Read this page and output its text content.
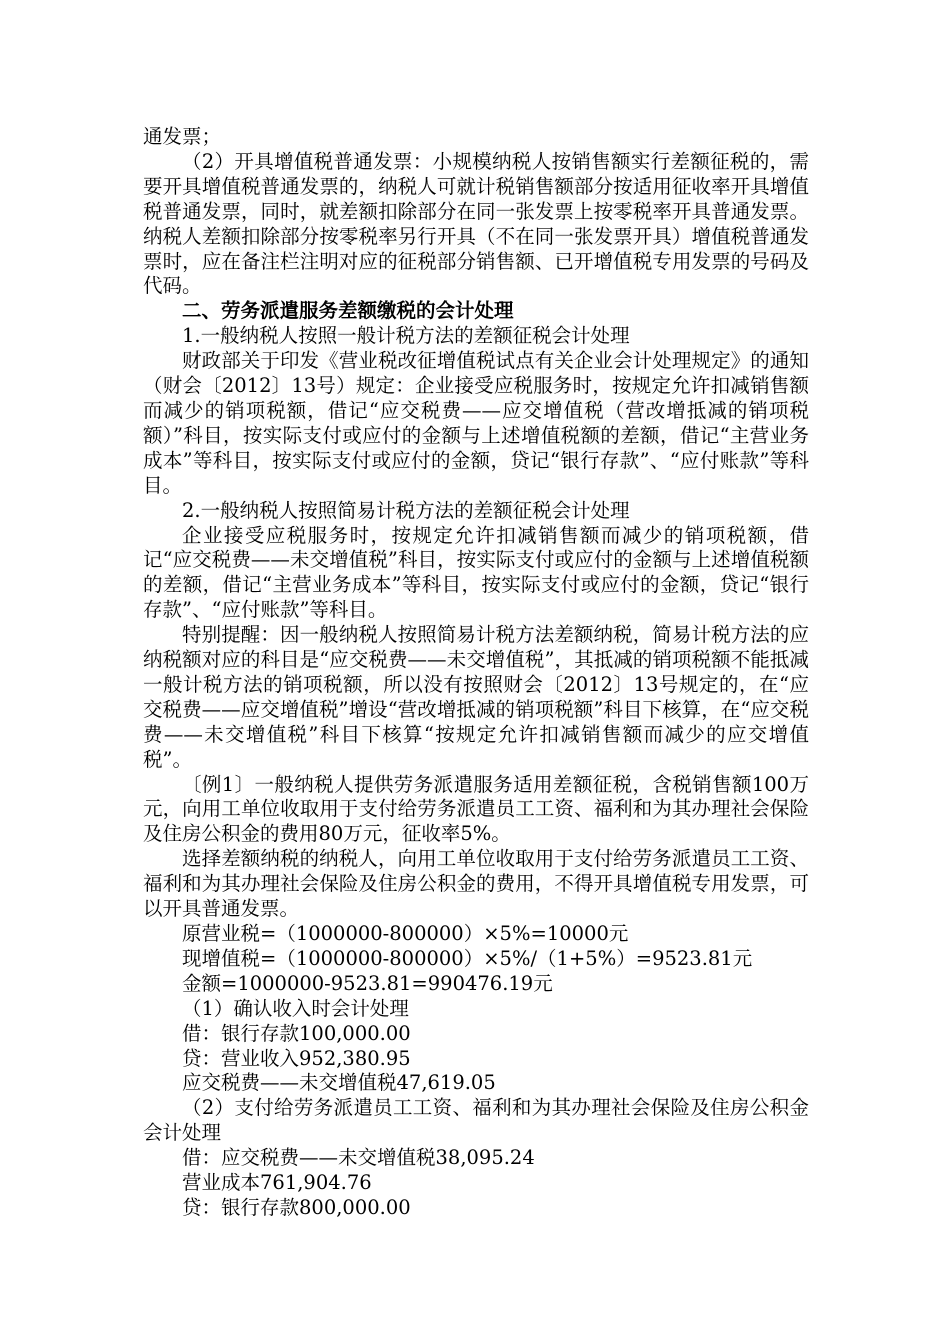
通发票；

（2）开具增值税普通发票：小规模纳税人按销售额实行差额征税的，需要开具增值税普通发票的，纳税人可就计税销售额部分按适用征收率开具增值税普通发票，同时，就差额扣除部分在同一张发票上按零税率开具普通发票。纳税人差额扣除部分按零税率另行开具（不在同一张发票开具）增值税普通发票时，应在备注栏注明对应的征税部分销售额、已开增值税专用发票的号码及代码。

二、劳务派遣服务差额缴税的会计处理

1.一般纳税人按照一般计税方法的差额征税会计处理

财政部关于印发《营业税改征增值税试点有关企业会计处理规定》的通知（财会〔2012〕13号）规定：企业接受应税服务时，按规定允许扣减销售额而减少的销项税额，借记“应交税费——应交增值税（营改增抵减的销项税额）”科目，按实际支付或应付的金额与上述增值税额的差额，借记“主营业务成本”等科目，按实际支付或应付的金额，贷记“银行存款”、“应付账款”等科目。

2.一般纳税人按照简易计税方法的差额征税会计处理

企业接受应税服务时，按规定允许扣减销售额而减少的销项税额，借记“应交税费——未交增值税”科目，按实际支付或应付的金额与上述增值税额的差额，借记“主营业务成本”等科目，按实际支付或应付的金额，贷记“银行存款”、“应付账款”等科目。

特别提醒：因一般纳税人按照简易计税方法差额纳税，简易计税方法的应纳税额对应的科目是“应交税费——未交增值税”，其抵减的销项税额不能抵减一般计税方法的销项税额，所以没有按照财会〔2012〕13号规定的，在“应交税费——应交增值税”增设“营改增抵减的销项税额”科目下核算，在“应交税费——未交增值税”科目下核算“按规定允许扣减销售额而减少的应交增值税”。

〔例1〕一般纳税人提供劳务派遣服务适用差额征税，含税销售额100万元，向用工单位收取用于支付给劳务派遣员工工资、福利和为其办理社会保险及住房公积金的费用80万元，征收率5%。

选择差额纳税的纳税人，向用工单位收取用于支付给劳务派遣员工工资、福利和为其办理社会保险及住房公积金的费用，不得开具增值税专用发票，可以开具普通发票。

原营业税=（1000000-800000）×5%=10000元

现增值税=（1000000-800000）×5%/（1+5%）=9523.81元

金额=1000000-9523.81=990476.19元

（1）确认收入时会计处理

借：银行存款100,000.00

贷：营业收入952,380.95

应交税费——未交增值税47,619.05

（2）支付给劳务派遣员工工资、福利和为其办理社会保险及住房公积金会计处理

借：应交税费——未交增值税38,095.24

营业成本761,904.76

贷：银行存款800,000.00
